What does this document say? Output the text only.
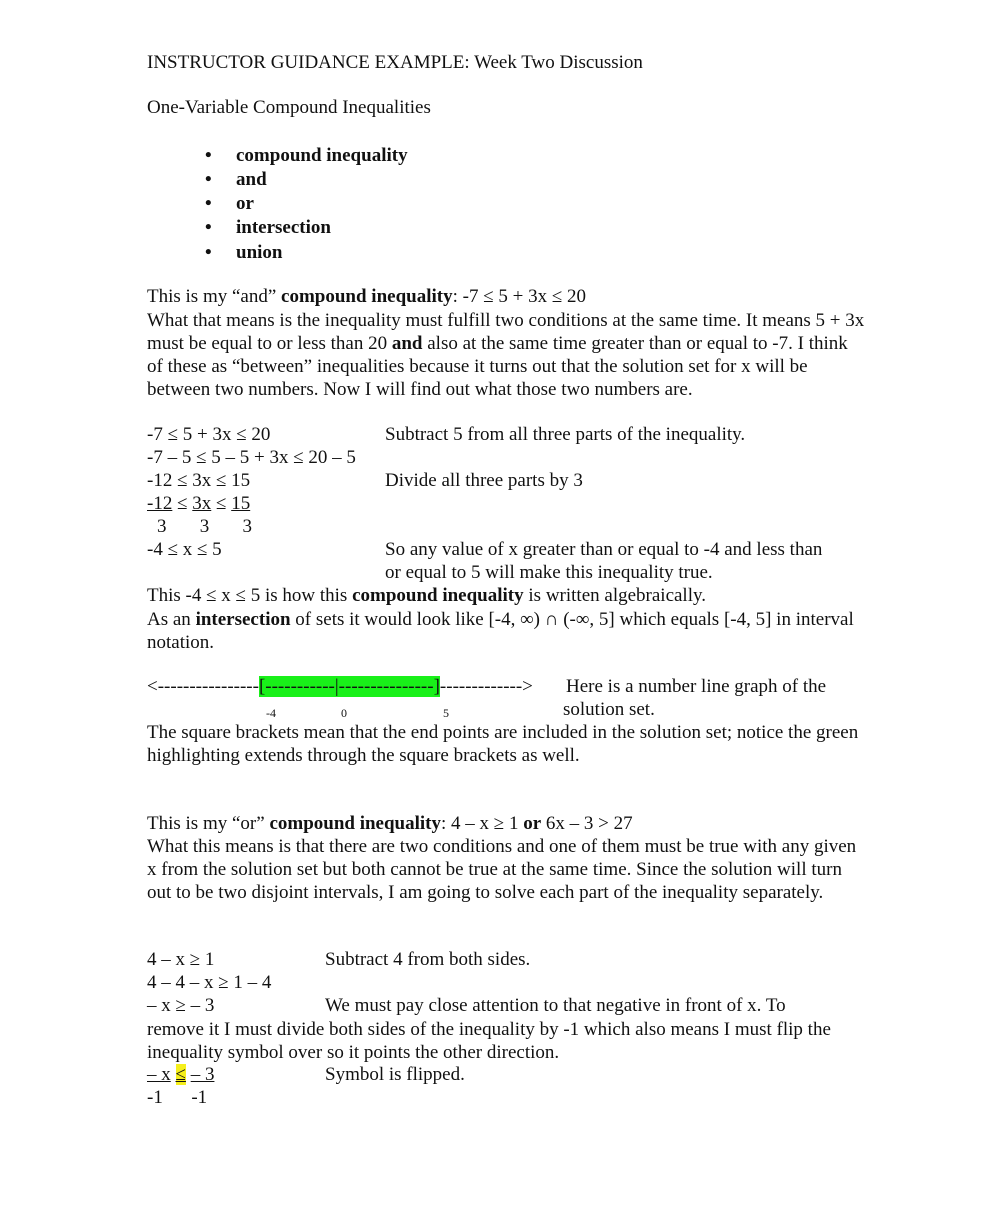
INSTRUCTOR GUIDANCE EXAMPLE: Week Two Discussion
One-Variable Compound Inequalities
• compound inequality
• and
• or
• intersection
• union
This is my “and” compound inequality: -7 ≤ 5 + 3x ≤ 20
What that means is the inequality must fulfill two conditions at the same time. It means 5 + 3x must be equal to or less than 20 and also at the same time greater than or equal to -7. I think of these as “between” inequalities because it turns out that the solution set for x will be between two numbers. Now I will find out what those two numbers are.
-7 ≤ 5 + 3x ≤ 20	Subtract 5 from all three parts of the inequality.
-7 – 5 ≤ 5 – 5 + 3x ≤ 20 – 5
-12 ≤ 3x ≤ 15	Divide all three parts by 3
-12 ≤ 3x ≤ 15
3       3       3
-4 ≤ x ≤ 5	So any value of x greater than or equal to -4 and less than
or equal to 5 will make this inequality true.
This -4 ≤ x ≤ 5 is how this compound inequality is written algebraically.
As an intersection of sets it would look like [-4, ∞) ∩ (-∞, 5] which equals [-4, 5] in interval notation.
<----------------[-----------|---------------]-------------> Here is a number line graph of the
-4	0	5	solution set.
The square brackets mean that the end points are included in the solution set; notice the green highlighting extends through the square brackets as well.
This is my “or” compound inequality: 4 – x ≥ 1 or 6x – 3 > 27
What this means is that there are two conditions and one of them must be true with any given x from the solution set but both cannot be true at the same time. Since the solution will turn out to be two disjoint intervals, I am going to solve each part of the inequality separately.
4 – x ≥ 1	Subtract 4 from both sides.
4 – 4 – x ≥ 1 – 4
– x ≥ – 3	We must pay close attention to that negative in front of x. To
remove it I must divide both sides of the inequality by -1 which also means I must flip the inequality symbol over so it points the other direction.
– x ≤ – 3	Symbol is flipped.
-1      -1
